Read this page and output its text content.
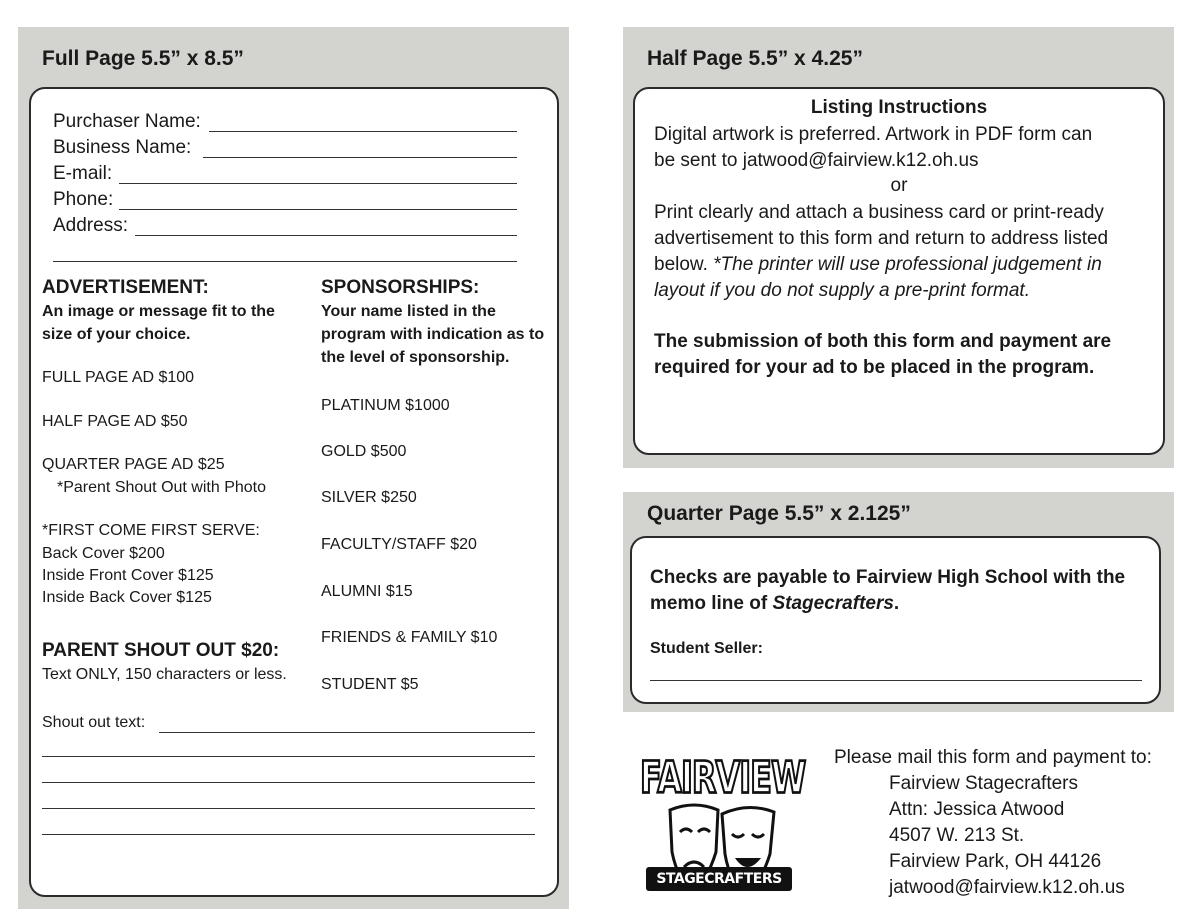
Full Page 5.5” x 8.5”
Purchaser Name:
Business Name:
E-mail:
Phone:
Address:
ADVERTISEMENT:
An image or message fit to the size of your choice.
FULL PAGE AD $100
HALF PAGE AD $50
QUARTER PAGE AD $25
*Parent Shout Out with Photo
*FIRST COME FIRST SERVE:
Back Cover $200
Inside Front Cover $125
Inside Back Cover $125
PARENT SHOUT OUT $20:
Text ONLY, 150 characters or less.
SPONSORSHIPS:
Your name listed in the program with indication as to the level of sponsorship.
PLATINUM $1000
GOLD $500
SILVER $250
FACULTY/STAFF $20
ALUMNI $15
FRIENDS & FAMILY $10
STUDENT $5
Shout out text:
Half Page 5.5” x 4.25”
Listing Instructions
Digital artwork is preferred. Artwork in PDF form can
be sent to jatwood@fairview.k12.oh.us
or
Print clearly and attach a business card or print-ready
advertisement to this form and return to address listed
below. *The printer will use professional judgement in
layout if you do not supply a pre-print format.
The submission of both this form and payment are
required for your ad to be placed in the program.
Quarter Page 5.5” x 2.125”
Checks are payable to Fairview High School with the
memo line of Stagecrafters.
Student Seller:
FAIRVIEW
STAGECRAFTERS
Please mail this form and payment to:
Fairview Stagecrafters
Attn: Jessica Atwood
4507 W. 213 St.
Fairview Park, OH 44126
jatwood@fairview.k12.oh.us
